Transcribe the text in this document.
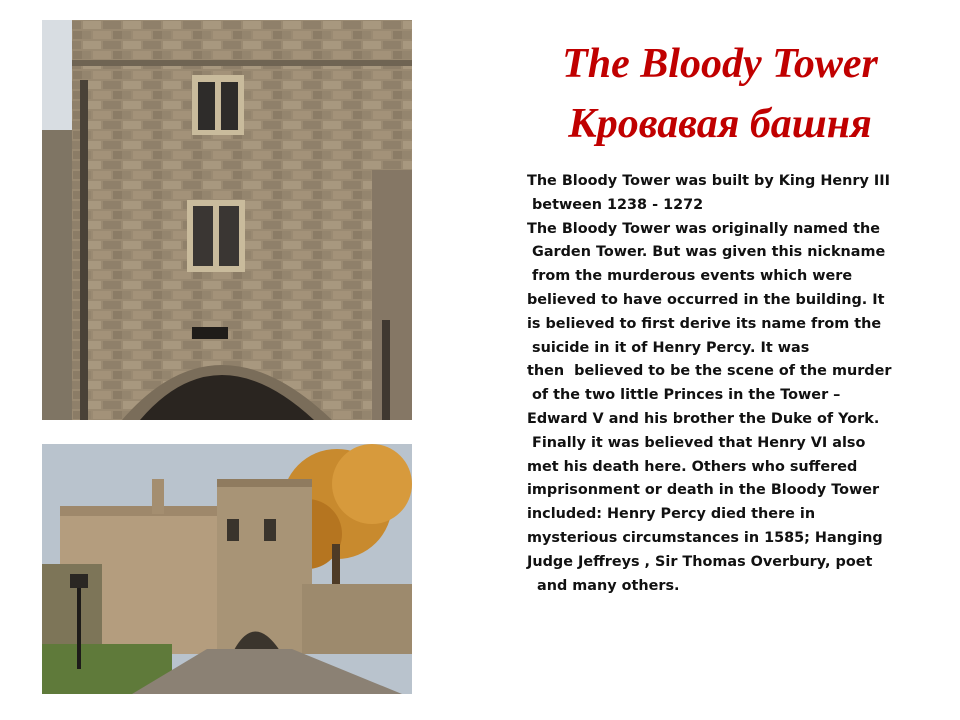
The Bloody Tower
Кровавая башня
The Bloody Tower was built by King Henry III
between 1238 - 1272
The Bloody Tower was originally named the
Garden Tower. But was given this nickname
from the murderous events which were
believed to have occurred in the building. It
is believed to first derive its name from the
suicide in it of Henry Percy. It was
then  believed to be the scene of the murder
of the two little Princes in the Tower –
Edward V and his brother the Duke of York.
Finally it was believed that Henry VI also
met his death here. Others who suffered
imprisonment or death in the Bloody Tower
included: Henry Percy died there in
mysterious circumstances in 1585; Hanging
Judge Jeffreys , Sir Thomas Overbury, poet
and many others.
